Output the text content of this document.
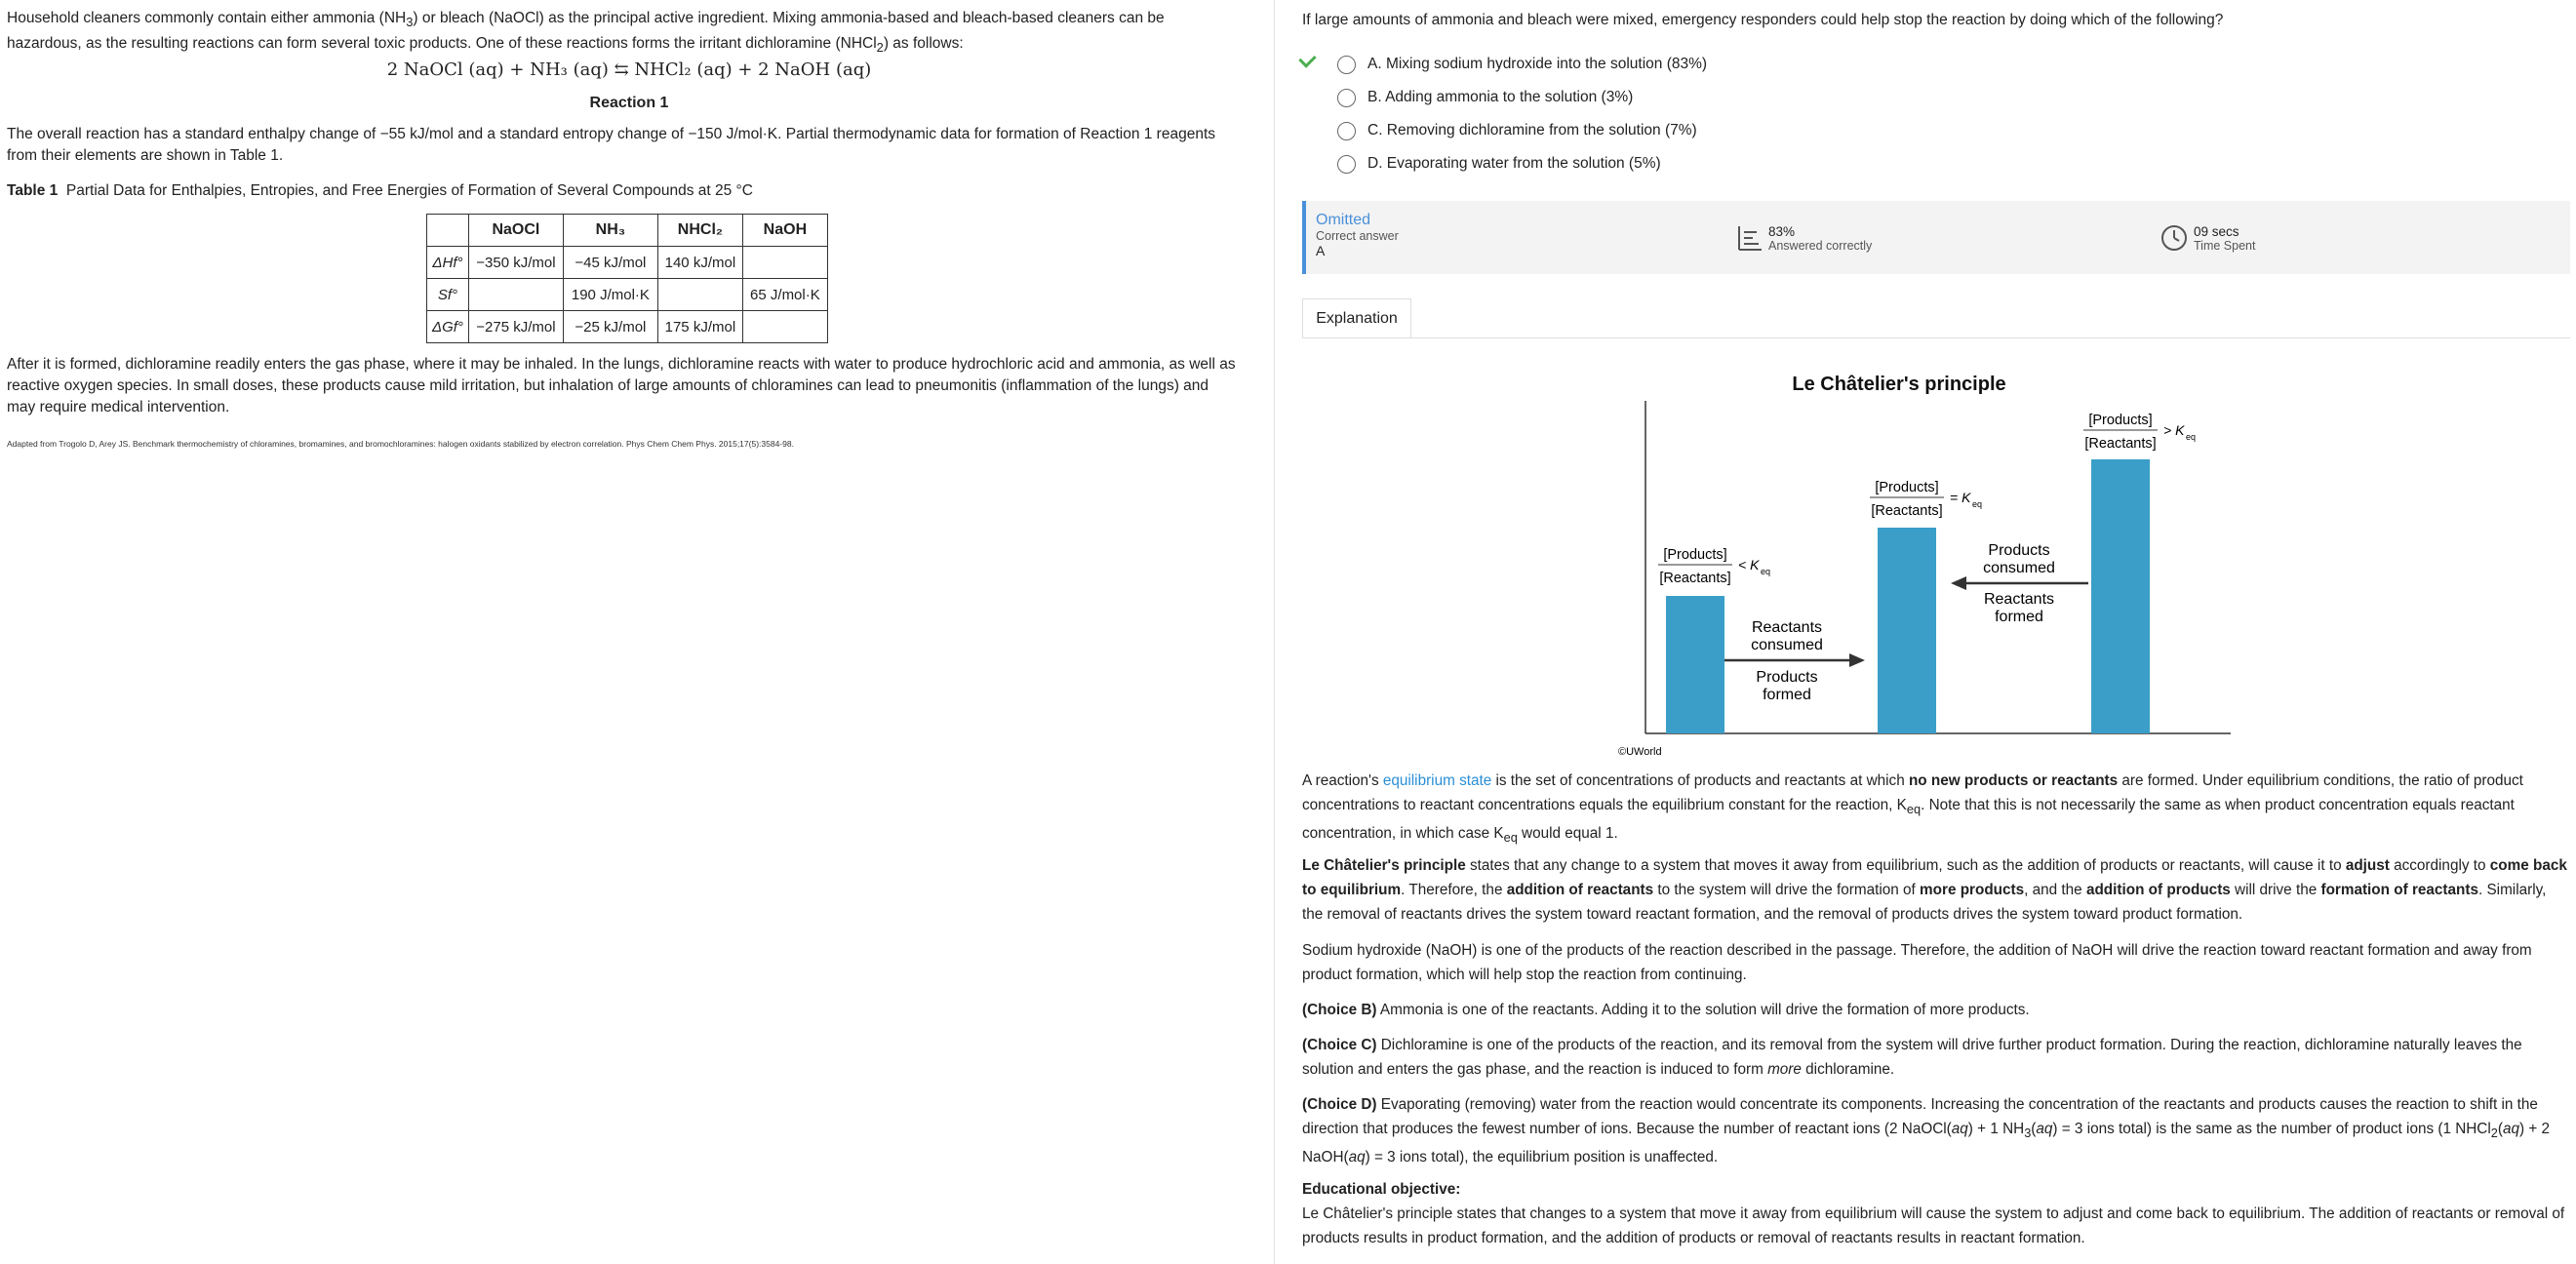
Household cleaners commonly contain either ammonia $(NH_3)$ or bleach (NaOCl) as the principal active ingredient. Mixing ammonia-based and bleach-based cleaners can be hazardous, as the resulting reactions can form several toxic products. One of these reactions forms the irritant dichloramine (NHCl$_2$) as follows:

2 NaOCl (aq) + NH₃ (aq) ⇆ NHCl₂ (aq) + 2 NaOH (aq)
Reaction 1

The overall reaction has a standard enthalpy change of −55 kJ/mol and a standard entropy change of −150 J/mol·K. Partial thermodynamic data for formation of Reaction 1 reagents from their elements are shown in Table 1.

Table 1 Partial Data for Enthalpies, Entropies, and Free Energies of Formation of Several Compounds at 25 °C

	NaOCl	NH₃	NHCl₂	NaOH
ΔHf°	−350 kJ/mol	−45 kJ/mol	140 kJ/mol	
Sf°		190 J/mol·K		65 J/mol·K
ΔGf°	−275 kJ/mol	−25 kJ/mol	175 kJ/mol	

After it is formed, dichloramine readily enters the gas phase, where it may be inhaled. In the lungs, dichloramine reacts with water to produce hydrochloric acid and ammonia, as well as reactive oxygen species. In small doses, these products cause mild irritation, but inhalation of large amounts of chloramines can lead to pneumonitis (inflammation of the lungs) and may require medical intervention.

Adapted from Trogolo D, Arey JS. Benchmark thermochemistry of chloramines, bromamines, and bromochloramines: halogen oxidants stabilized by electron correlation. Phys Chem Chem Phys. 2015;17(5):3584-98.

If large amounts of ammonia and bleach were mixed, emergency responders could help stop the reaction by doing which of the following?

A. Mixing sodium hydroxide into the solution (83%)
B. Adding ammonia to the solution (3%)
C. Removing dichloramine from the solution (7%)
D. Evaporating water from the solution (5%)
Omitted
Correct answer
A
83%
Answered correctly
09 secs
Time Spent
Explanation
Le Châtelier's principle
[Products]
[Reactants]
< K eq
[Products]
[Reactants]
= K eq
[Products]
[Reactants]
> K eq
Reactants
consumed
Products
formed
Products
consumed
Reactants
formed
©UWorld

A reaction's equilibrium state is the set of concentrations of products and reactants at which no new products or reactants are formed. Under equilibrium conditions, the ratio of product concentrations to reactant concentrations equals the equilibrium constant for the reaction, $K_{eq}$. Note that this is not necessarily the same as when product concentration equals reactant concentration, in which case $K_{eq}$ would equal 1.

Le Châtelier's principle states that any change to a system that moves it away from equilibrium, such as the addition of products or reactants, will cause it to adjust accordingly to come back to equilibrium. Therefore, the addition of reactants to the system will drive the formation of more products, and the addition of products will drive the formation of reactants. Similarly, the removal of reactants drives the system toward reactant formation, and the removal of products drives the system toward product formation.

Sodium hydroxide (NaOH) is one of the products of the reaction described in the passage. Therefore, the addition of NaOH will drive the reaction toward reactant formation and away from product formation, which will help stop the reaction from continuing.

(Choice B) Ammonia is one of the reactants. Adding it to the solution will drive the formation of more products.

(Choice C) Dichloramine is one of the products of the reaction, and its removal from the system will drive further product formation. During the reaction, dichloramine naturally leaves the solution and enters the gas phase, and the reaction is induced to form more dichloramine.

(Choice D) Evaporating (removing) water from the reaction would concentrate its components. Increasing the concentration of the reactants and products causes the reaction to shift in the direction that produces the fewest number of ions. Because the number of reactant ions (2 NaOCl(aq) + 1 $NH_3(aq) = 3$ ions total) is the same as the number of product ions (1 NHCl$_2$(aq) + 2 NaOH(aq) = 3 ions total), the equilibrium position is unaffected.

Educational objective:

Le Châtelier's principle states that changes to a system that move it away from equilibrium will cause the system to adjust and come back to equilibrium. The addition of reactants or removal of products results in product formation, and the addition of products or removal of reactants results in reactant formation.
